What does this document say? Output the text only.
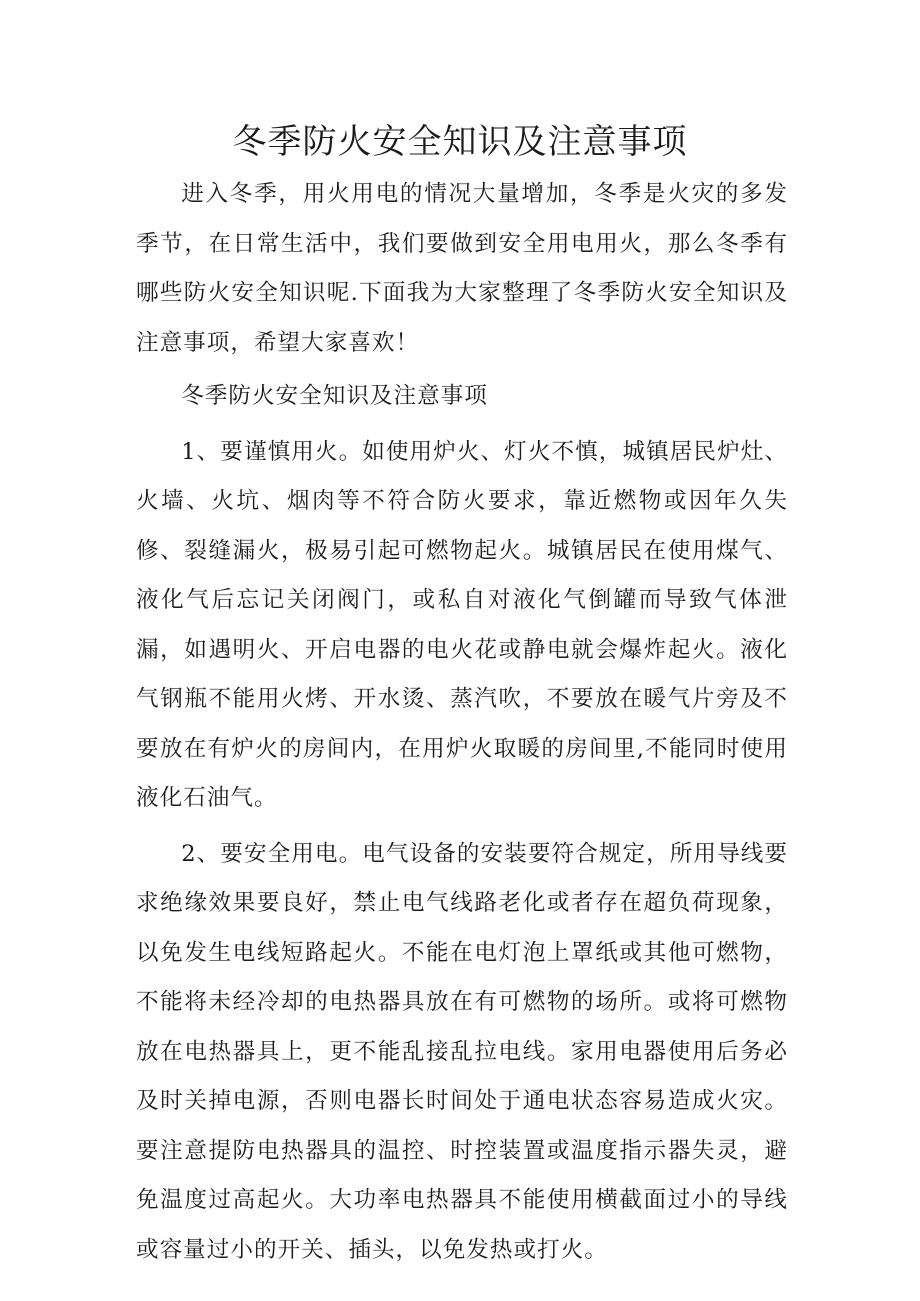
冬季防火安全知识及注意事项

进入冬季，用火用电的情况大量增加，冬季是火灾的多发季节，在日常生活中，我们要做到安全用电用火，那么冬季有哪些防火安全知识呢.下面我为大家整理了冬季防火安全知识及注意事项，希望大家喜欢！

冬季防火安全知识及注意事项

1、要谨慎用火。如使用炉火、灯火不慎，城镇居民炉灶、火墙、火坑、烟肉等不符合防火要求，靠近燃物或因年久失修、裂缝漏火，极易引起可燃物起火。城镇居民在使用煤气、液化气后忘记关闭阀门，或私自对液化气倒罐而导致气体泄漏，如遇明火、开启电器的电火花或静电就会爆炸起火。液化气钢瓶不能用火烤、开水烫、蒸汽吹，不要放在暖气片旁及不要放在有炉火的房间内，在用炉火取暖的房间里,不能同时使用液化石油气。

2、要安全用电。电气设备的安装要符合规定，所用导线要求绝缘效果要良好，禁止电气线路老化或者存在超负荷现象，以免发生电线短路起火。不能在电灯泡上罩纸或其他可燃物，不能将未经冷却的电热器具放在有可燃物的场所。或将可燃物放在电热器具上，更不能乱接乱拉电线。家用电器使用后务必及时关掉电源，否则电器长时间处于通电状态容易造成火灾。要注意提防电热器具的温控、时控装置或温度指示器失灵，避免温度过高起火。大功率电热器具不能使用横截面过小的导线或容量过小的开关、插头，以免发热或打火。
